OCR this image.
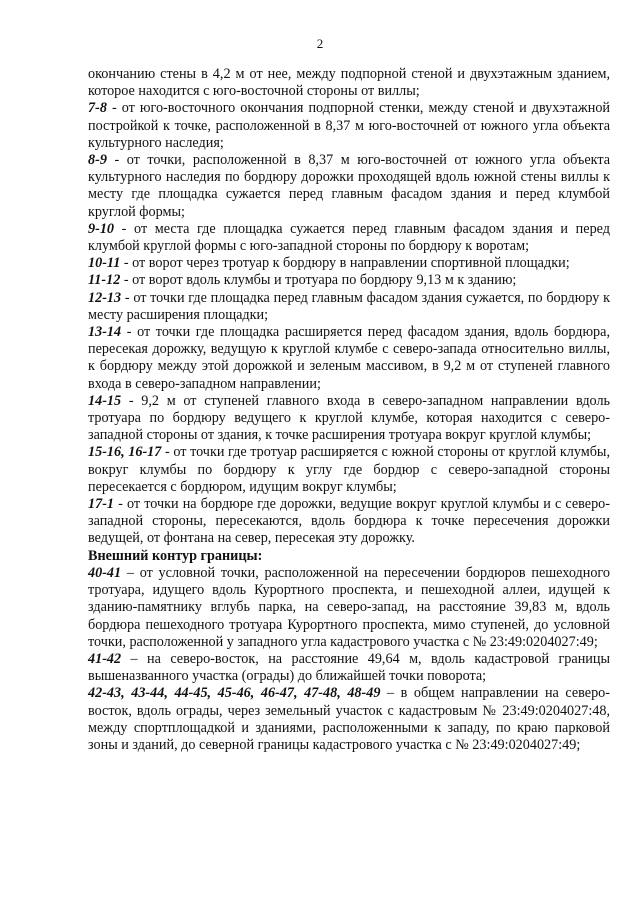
2

окончанию стены в 4,2 м от нее, между подпорной стеной и двухэтажным зданием, которое находится с юго-восточной стороны от виллы;

7-8 - от юго-восточного окончания подпорной стенки, между стеной и двухэтажной постройкой к точке, расположенной в 8,37 м юго-восточней от южного угла объекта культурного наследия;

8-9 - от точки, расположенной в 8,37 м юго-восточней от южного угла объекта культурного наследия по бордюру дорожки проходящей вдоль южной стены виллы к месту где площадка сужается перед главным фасадом здания и перед клумбой круглой формы;

9-10 - от места где площадка сужается перед главным фасадом здания и перед клумбой круглой формы с юго-западной стороны по бордюру к воротам;

10-11 - от ворот через тротуар к бордюру в направлении спортивной площадки;

11-12 - от ворот вдоль клумбы и тротуара по бордюру 9,13 м к зданию;

12-13 - от точки где площадка перед главным фасадом здания сужается, по бордюру к месту расширения площадки;

13-14 - от точки где площадка расширяется перед фасадом здания, вдоль бордюра, пересекая дорожку, ведущую к круглой клумбе с северо-запада относительно виллы, к бордюру между этой дорожкой и зеленым массивом, в 9,2 м от ступеней главного входа в северо-западном направлении;

14-15 - 9,2 м от ступеней главного входа в северо-западном направлении вдоль тротуара по бордюру ведущего к круглой клумбе, которая находится с северо-западной стороны от здания, к точке расширения тротуара вокруг круглой клумбы;

15-16, 16-17 - от точки где тротуар расширяется с южной стороны от круглой клумбы, вокруг клумбы по бордюру к углу где бордюр с северо-западной стороны пересекается с бордюром, идущим вокруг клумбы;

17-1 - от точки на бордюре где дорожки, ведущие вокруг круглой клумбы и с северо-западной стороны, пересекаются, вдоль бордюра к точке пересечения дорожки ведущей, от фонтана на север, пересекая эту дорожку.

Внешний контур границы:

40-41 – от условной точки, расположенной на пересечении бордюров пешеходного тротуара, идущего вдоль Курортного проспекта, и пешеходной аллеи, идущей к зданию-памятнику вглубь парка, на северо-запад, на расстояние 39,83 м, вдоль бордюра пешеходного тротуара Курортного проспекта, мимо ступеней, до условной точки, расположенной у западного угла кадастрового участка с № 23:49:0204027:49;

41-42 – на северо-восток, на расстояние 49,64 м, вдоль кадастровой границы вышеназванного участка (ограды) до ближайшей точки поворота;

42-43, 43-44, 44-45, 45-46, 46-47, 47-48, 48-49 – в общем направлении на северо-восток, вдоль ограды, через земельный участок с кадастровым № 23:49:0204027:48, между спортплощадкой и зданиями, расположенными к западу, по краю парковой зоны и зданий, до северной границы кадастрового участка с № 23:49:0204027:49;
